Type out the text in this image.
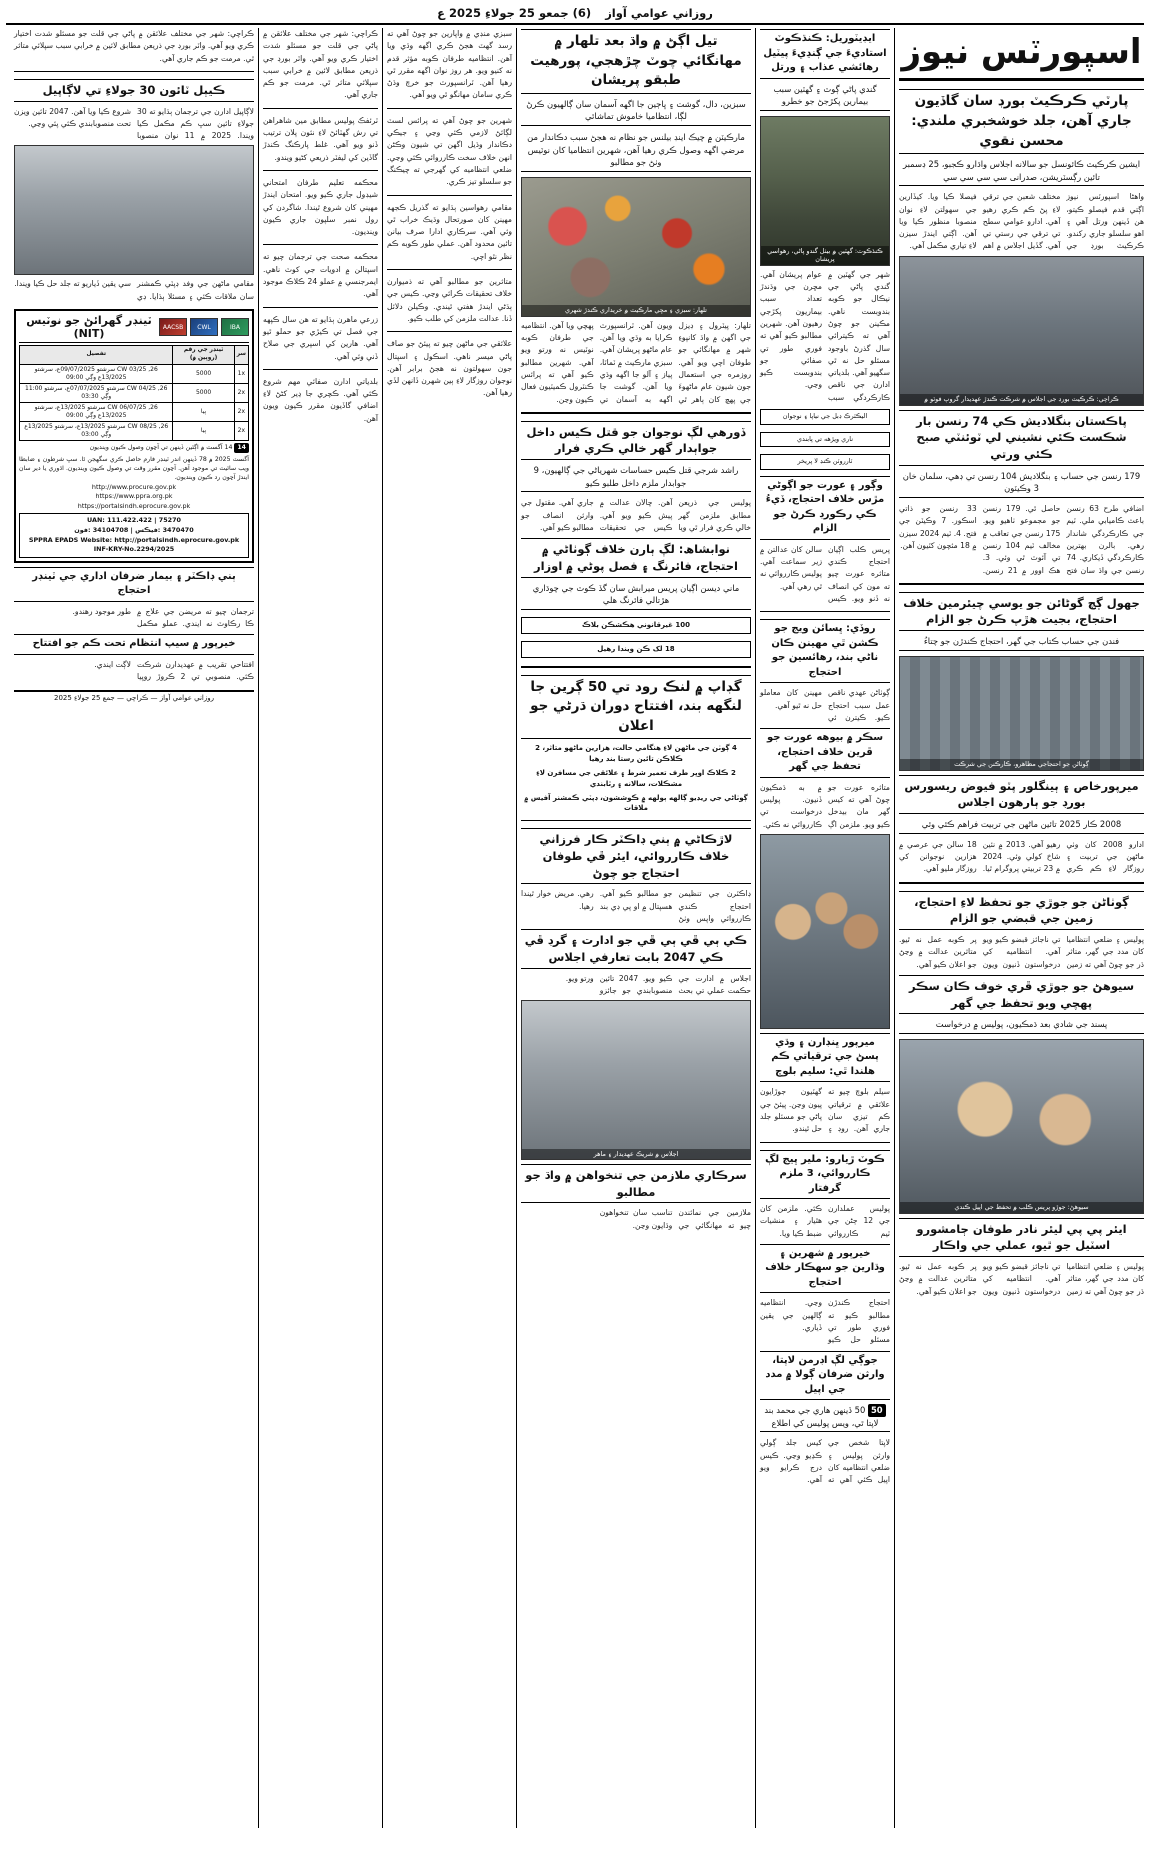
روزاني عوامي آواز
(6) جمعو 25 جولاءِ 2025 ع
اسپورٽس نيوز
پارٽي ڪرڪيٽ بورڊ سان گاڏيون جاري آهن، جلد خوشخبري ملندي: محسن نقوي
ايشين ڪرڪيٽ ڪائونسل جو سالانه اجلاس واڌارو ڪجبو، 25 ڊسمبر تائين رڳسٽريشن، صدرانی سي سي سي سي
واهڻا اسپورٽس نيوز اڳتي قدم فيصلو ڪيتو، هن ڏينهن ورتل آهي ۽ اهو سلسلو جاري رکندو. ڪرڪيٽ بورڊ جي مختلف شعبن جي ترقي لاءِ پڻ ڪم ڪري رهيو آهي. ادارو عوامي سطح تي ترقي جي رستي تي آهي. گڏيل اجلاس ۾ اهم فيصلا ڪيا ويا. کيڏارين جي سهولتن لاءِ نوان منصوبا منظور ڪيا ويا آهن. اڳتي ايندڙ سيزن لاءِ تياري مڪمل آهي.
ڪراچي: ڪرڪيٽ بورڊ جي اجلاس ۾ شرڪت ڪندڙ عهديدار گروپ فوٽو ۾
پاڪستان بنگلاديش ڪي 74 رنسن بار شڪست ڪئي نشيني لي ٽوئنٽي صبح ڪئي ورتي
179 رنسن جي حساب ۽ بنگلاديش 104 رنسن تي ڊهي، سلمان خان 3 وڪيٽون
اضافي طرح 63 رنسن باعث ڪاميابي ملي. ٽيم جي ڪارڪردگي شاندار رهي. بالرن بهترين ڪارڪردگي ڏيکاري. 74 رنسن جي واڌ سان فتح حاصل ٿي. 179 رنسن جو مجموعو ٺاهيو ويو. 175 رنسن جي تعاقب ۾ مخالف ٽيم 104 رنسن تي آئوٽ ٿي وئي. 3. هڪ اوور ۾ 21 رنسن. 33 رنسن جو ذاتي اسڪور. 7 وڪيٽن جي فتح. 4. ٽيم 2024 سيزن ۾ 18 مئچون کٽيون آهن.
جهول ڳچ گوڻائن جو يوسي چيئرمين خلاف احتجاج، بجيت هڙپ ڪرڻ جو الزام
فندن جي حساب ڪتاب جي گهر، احتجاج ڪندڙن جو چتاءُ
ڳوٺاڻن جو احتجاجي مظاهرو، ڪارڪنن جي شرڪت
ميرپورخاص ۽ ٻينگلور پٽو فيوض ريسورس بورڊ جو ٻارهون اجلاس
2008 ڪار 2025 تائين ماڻهن جي تربيت فراهم ڪئي وئي
ادارو 2008 کان وٺي ماڻهن جي تربيت ۽ روزگار لاءِ ڪم ڪري رهيو آهي. 2013 ۾ نئين شاخ کولي وئي. 2024 ۾ 23 تربيتي پروگرام ٿيا. 18 سالن جي عرصي ۾ هزارين نوجوانن کي روزگار مليو آهي.
ڳوٺاڻن جو جوڙي جو تحفظ لاءِ احتجاج، زمين جي قبضي جو الزام
پوليس ۽ ضلعي انتظاميا کان مدد جي گهر، متاثر ڌر جو چوڻ آهي ته زمين تي ناجائز قبضو ڪيو ويو آهي. انتظاميه کي درخواستون ڏنيون ويون پر ڪوبه عمل نه ٿيو. متاثرين عدالت ۾ وڃڻ جو اعلان ڪيو آهي.
سيوهڻ جو جوڙي ڦري خوف ڪان سڪر پهچي ويو تحفظ جي گهر
پسند جي شادي بعد ڌمڪيون، پوليس ۾ درخواست
سيوهڻ: جوڙو پريس ڪلب ۾ تحفظ جي اپيل ڪندي
ايئر پي پي ليئر نادر طوفان ڄامشورو اسٽيل جو ٿيو، عملي جي واڪار
پوليس ۽ ضلعي انتظاميا کان مدد جي گهر، متاثر ڌر جو چوڻ آهي ته زمين تي ناجائز قبضو ڪيو ويو آهي. انتظاميه کي درخواستون ڏنيون ويون پر ڪوبه عمل نه ٿيو. متاثرين عدالت ۾ وڃڻ جو اعلان ڪيو آهي.
ايڊيٽوريل: ڪنڌڪوٽ استاديءَ جي ڳنڍيءَ پيٽيل رهائشي عذاب ۽ ورتل
گندي پاڻي ڳوٽ ۽ گهٽين سبب بيمارين پکڙجڻ جو خطرو
ڪنڌڪوٽ: گهٽين ۾ بيٺل گندو پاڻي، رهواسي پريشان
شهر جي گهٽين ۾ گندي پاڻي جي نيڪال جو ڪوبه بندوبست ناهي. مڪينن جو چوڻ آهي ته ڪيترائي سال گذرڻ باوجود مسئلو حل نه ٿي سگهيو آهي. بلدياتي ادارن جي ناقص ڪارڪردگي سبب عوام پريشان آهي. مڇرن جي وڌندڙ تعداد سبب بيماريون پکڙجي رهيون آهن. شهرين مطالبو ڪيو آهي ته فوري طور تي صفائي جو بندوبست ڪيو وڃي.
اليڪٽرڪ ڊبل جي نياپا ۽ نوجوان
ناري ويڙهه تي پابندي
ٽارروٽن ڪنڊ لا پريخر
وڳور ۽ عورت جو اڳوڻي مڙس خلاف احتجاج، ڏيءُ ڪي رڪورڊ ڪرڻ جو الزام
پريس ڪلب اڳيان احتجاج ڪندي متاثره عورت چيو ته مون کي انصاف نه ڏنو ويو. ڪيس سالن کان عدالتن ۾ زير سماعت آهي. پوليس ڪارروائي نه ٿي رهي آهي.
روڏي: ڀسائن ويج جو ڪشن ٿي مهينن ڪان ناڻي بند، رهائسين جو احتجاج
ڳوٺاڻن عهدي ناقص عمل سبب احتجاج ڪيو. ڪيترن ئي مهينن کان معاملو حل نه ٿيو آهي.
سڪر ۾ بيوهه عورت جو ڦرين خلاف احتجاج، تحفظ جي گهر
متاثره عورت جو چوڻ آهي ته کيس گهر مان بيدخل ڪيو ويو. ملزمن اڳ ۾ به ڌمڪيون ڏنيون. پوليس درخواست تي ڪارروائي نه ڪئي.
ميرپور ڀنڊارن ۽ وڌي پسڻ جي ترقياتي ڪم هلندا ٿي: سليم بلوچ
سيلم بلوچ چيو ته علائقي ۾ ترقياتي ڪم تيزي سان جاري آهن. روڊ ۽ گهٽيون جوڙايون پيون وڃن. پيئڻ جي پاڻي جو مسئلو جلد حل ٿيندو.
ڪوٽ ڙيارو: ملير ڀيج لڳ ڪارروائي، 3 ملزم گرفتار
پوليس عملدارن جي 12 ڄڻن جي ٽيم ڪارروائي ڪئي. ملزمن کان هٿيار ۽ منشيات ضبط ڪيا ويا.
خيرپور ۾ شهرين ۽ وڌارين جو سهڪار خلاف احتجاج
احتجاج ڪندڙن مطالبو ڪيو ته فوري طور تي مسئلو حل ڪيو وڃي. انتظاميه ڳالهين جي يقين ڏياري.
جوڳي لڳ اڊرمن لاپتا، وارثن ضرفان ڳولا ۾ مدد جي اپيل
50 50 ڏينهن هاري جي محمد بند لاپتا ٿي، ويس پوليس کي اطلاع
لاپتا شخص جي وارثن پوليس ۽ ضلعي انتظاميه کان اپيل ڪئي آهي ته کيس جلد ڳولي ڪڍيو وڃي. ڪيس درج ڪرايو ويو آهي.
تيل اڳڻ ۾ واڌ بعد تلهار ۾ مهانگائي چوٽ چڙهجي، پورهيت طبقو پريشان
سبزين، دال، گوشت ۽ ڀاڄين جا اگهه آسمان سان ڳالهيون ڪرڻ لڳا، انتظاميا خاموش تماشائي
مارڪيٽن ۾ چيڪ اينڊ بيلنس جو نظام نه هجڻ سبب دڪاندار من مرضي اگهه وصول ڪري رهيا آهن، شهرين انتظاميا کان نوٽيس وٺڻ جو مطالبو
تلهار: سبزي ۽ مڇي مارڪيٽ ۾ خريداري ڪندڙ شهري
تلهار: پيٽرول ۽ ڊيزل جي اگهن ۾ واڌ کانپوءِ شهر ۾ مهانگائي جو طوفان اچي ويو آهي. روزمره جي استعمال جون شيون عام ماڻهوءَ جي پهچ کان ٻاهر ٿي ويون آهن. ٽرانسپورٽ ڪرايا به وڌي ويا آهن. عام ماڻهو پريشان آهي. سبزي مارڪيٽ ۾ ٽماٽا، پياز ۽ آلو جا اگهه وڌي ويا آهن. گوشت جا اگهه به آسمان تي پهچي ويا آهن. انتظاميه جي طرفان ڪوبه نوٽيس نه ورتو ويو آهي. شهرين مطالبو ڪيو آهي ته پرائس ڪنٽرول ڪميٽيون فعال ڪيون وڃن.
ڏورهي لڳ نوجوان جو قتل ڪيس داخل جواٻدار گهر خالي ڪري فرار
راشد شرجي قتل ڪيس حساسات شهرياڻي جي ڳالهيون، 9 جوابدار ملزم داخل طلبو ڪيو
پوليس جي ذريعن مطابق ملزمن گهر خالي ڪري فرار ٿي ويا آهن. چالان عدالت ۾ پيش ڪيو ويو آهي. ڪيس جي تحقيقات جاري آهي. مقتول جي وارثن انصاف جو مطالبو ڪيو آهي.
نوابشاھ: لڳ ٻارن خلاف ڳوٺاڻي ۾ احتجاج، فائرنگ ۽ فصل پوڻي ۾ اوزار
ماني ديسن اڳيان پريس ميرابش سان گڏ ڪوٽ جي چوڌاري هڙتالي فائرنگ هلي
100 غيرقانوني هڪشڪن بلاڪ
18 لک ڪن ويندا رهيل
گڊاپ ۾ لنڪ رود تي 50 ڳرين جا لنگهه بند، افتتاح دوران ڌرڻي جو اعلان
4 ڳوٺن جي ماڻهن لاءِ هنگامي حالت، هزارين ماڻهو متاثر، 2 ڪلاڪن تائين رستا بند رهيا
2 ڪلاڪ اوڀر طرف تعمير شرط ۽ علائقي جي مسافرن لاءِ مشڪلات، سالانه ۽ رٿابندي
ڳوٺاڻي جي ريڊيو ڳالهه ٻولهه ۾ ڪوششون، ڊپٽي ڪمشنر آفيس ۾ ملاقات
لاڙڪاڻي ۾ ٻني ڊاڪٽر ڪار فرزاني خلاف ڪارروائي، ايئر ڦي طوفان احتجاج جو چوڻ
ڊاڪٽرن جي تنظيمن احتجاج ڪندي ڪارروائي واپس وٺڻ جو مطالبو ڪيو آهي. هسپتال ۾ او پي ڊي بند رهي. مريض خوار ٿيندا رهيا.
ڪي ٻي ڦي ٻي ڦي جو ادارت ۽ گرڊ ڦي ڪي 2047 بابت تعارفي اجلاس
اجلاس ۾ ادارت جي حڪمت عملي تي بحث ڪيو ويو. 2047 تائين منصوبابندي جو جائزو ورتو ويو.
اجلاس ۾ شريڪ عهديدار ۽ ماهر
سرڪاري ملازمن جي تنخواهن ۾ واڌ جو مطالبو
ملازمين جي نمائندن چيو ته مهانگائي جي تناسب سان تنخواهون وڌايون وڃن.
سبزي منڊي ۾ واپارين جو چوڻ آهي ته رسد گهٽ هجڻ ڪري اگهه وڌي ويا آهن. انتظاميه طرفان ڪوبه مؤثر قدم نه کنيو ويو. هر روز نوان اگهه مقرر ٿي رهيا آهن. ٽرانسپورٽ جو خرچ وڌڻ ڪري سامان مهانگو ٿي ويو آهي.
شهرين جو چوڻ آهي ته پرائس لسٽ لڳائڻ لازمي ڪئي وڃي ۽ جيڪي دڪاندار وڌيل اگهن تي شيون وڪڻن انهن خلاف سخت ڪارروائي ڪئي وڃي. ضلعي انتظاميه کي گهرجي ته چيڪنگ جو سلسلو تيز ڪري.
مقامي رهواسين ٻڌايو ته گذريل ڪجهه مهينن کان صورتحال وڌيڪ خراب ٿي وئي آهي. سرڪاري ادارا صرف بيانن تائين محدود آهن. عملي طور ڪوبه ڪم نظر نٿو اچي.
متاثرين جو مطالبو آهي ته ذميوارن خلاف تحقيقات ڪرائي وڃي. ڪيس جي ٻڌڻي ايندڙ هفتي ٿيندي. وڪيلن دلائل ڏنا. عدالت ملزمن کي طلب ڪيو.
علائقي جي ماڻهن چيو ته پيئڻ جو صاف پاڻي ميسر ناهي. اسڪول ۽ اسپتال جون سهولتون نه هجڻ برابر آهن. نوجوان روزگار لاءِ ٻين شهرن ڏانهن لڏي رهيا آهن.
ڪراچي: شهر جي مختلف علائقن ۾ پاڻي جي قلت جو مسئلو شدت اختيار ڪري ويو آهي. واٽر بورڊ جي ذريعن مطابق لائين ۾ خرابي سبب سپلائي متاثر ٿي. مرمت جو ڪم جاري آهي.
ٽرئفڪ پوليس مطابق مين شاهراهن تي رش گهٽائڻ لاءِ نئون پلان ترتيب ڏنو ويو آهي. غلط پارڪنگ ڪندڙ گاڏين کي ليفٽر ذريعي کڻيو ويندو.
محڪمه تعليم طرفان امتحاني شيڊول جاري ڪيو ويو. امتحان ايندڙ مهيني کان شروع ٿيندا. شاگردن کي رول نمبر سلپون جاري ڪيون وينديون.
محڪمه صحت جي ترجمان چيو ته اسپتالن ۾ ادويات جي کوٽ ناهي. ايمرجنسي ۾ عملو 24 ڪلاڪ موجود آهي.
زرعي ماهرن ٻڌايو ته هن سال ڪپهه جي فصل تي ڪيڙي جو حملو ٿيو آهي. هارين کي اسپري جي صلاح ڏني وئي آهي.
بلدياتي ادارن صفائي مهم شروع ڪئي آهي. ڪچري جا ڍير کڻڻ لاءِ اضافي گاڏيون مقرر ڪيون ويون آهن.
ڪراچي: شهر جي مختلف علائقن ۾ پاڻي جي قلت جو مسئلو شدت اختيار ڪري ويو آهي. واٽر بورڊ جي ذريعن مطابق لائين ۾ خرابي سبب سپلائي متاثر ٿي. مرمت جو ڪم جاري آهي.
ڪيٻل ٽائون 30 جولاءِ تي لاڳاپيل
لاڳاپيل ادارن جي ترجمان ٻڌايو ته 30 جولاءِ تائين سڀ ڪم مڪمل ڪيا ويندا. 2025 ۾ 11 نوان منصوبا شروع ڪيا ويا آهن. 2047 تائين ويزن تحت منصوبابندي ڪئي پئي وڃي.
مقامي ماڻهن جي وفد ڊپٽي ڪمشنر سان ملاقات ڪئي ۽ مسئلا ٻڌايا. ڊي سي يقين ڏياريو ته جلد حل ڪيا ويندا.
IBA
CWL
AACSB
ٽينڊر گهرائڻ جو نوٽيس (NIT)
سر	ٽينڊر جي رقم (روپين ۾)	تفصيل
1x	5000	CW 03/25 ,26 سرشتو 09/07/2025ع، سرشتو 13/2025ع وڳي 09:00
2x	5000	CW 04/25 ,26 سرشتو 07/07/2025ع، سرشتو 11:00 وڳي 03:30
2x	ٻيا	CW 06/07/25 ,26 سرشتو 13/2025ع، سرشتو 13/2025ع وڳي 09:00
2x	ٻيا	CW 08/25 ,26 سرشتو 13/2025ع، سرشتو 13/2025ع وڳي 03:00
14 14 آگسٽ ۾ اڳئين ڏينهن تي آڇون وصول ڪيون وينديون
آگسٽ 2025 ۾ 78 ڏينهن اندر ٽينڊر فارم حاصل ڪري سگهجن ٿا. سڀ شرطون ۽ ضابطا ويب سائيٽ تي موجود آهن. آڇون مقرر وقت تي وصول ڪيون وينديون. اڌوري يا دير سان ايندڙ آڇون رد ڪيون وينديون.
http://www.procure.gov.pk
https://www.ppra.org.pk
https://portalsindh.eprocure.gov.pk
UAN: 111.422.422 | 75270
3470470 :فيڪس | 34104708 :فون
SPPRA EPADS Website: http://portalsindh.eprocure.gov.pk
INF-KRY-No.2294/2025
ٻني ڊاڪٽر ۽ بيمار ضرفان اداري جي ٽينڊر احتجاج
ترجمان چيو ته مريضن جي علاج ۾ ڪا رڪاوٽ نه ايندي. عملو مڪمل طور موجود رهندو.
خيرپور ۾ سيپ انتظام تحت ڪم جو افتتاح
افتتاحي تقريب ۾ عهديدارن شرڪت ڪئي. منصوبي تي 2 ڪروڙ روپيا لاڳت ايندي.
روزاني عوامي آواز — ڪراچي — جمع 25 جولاءِ 2025
